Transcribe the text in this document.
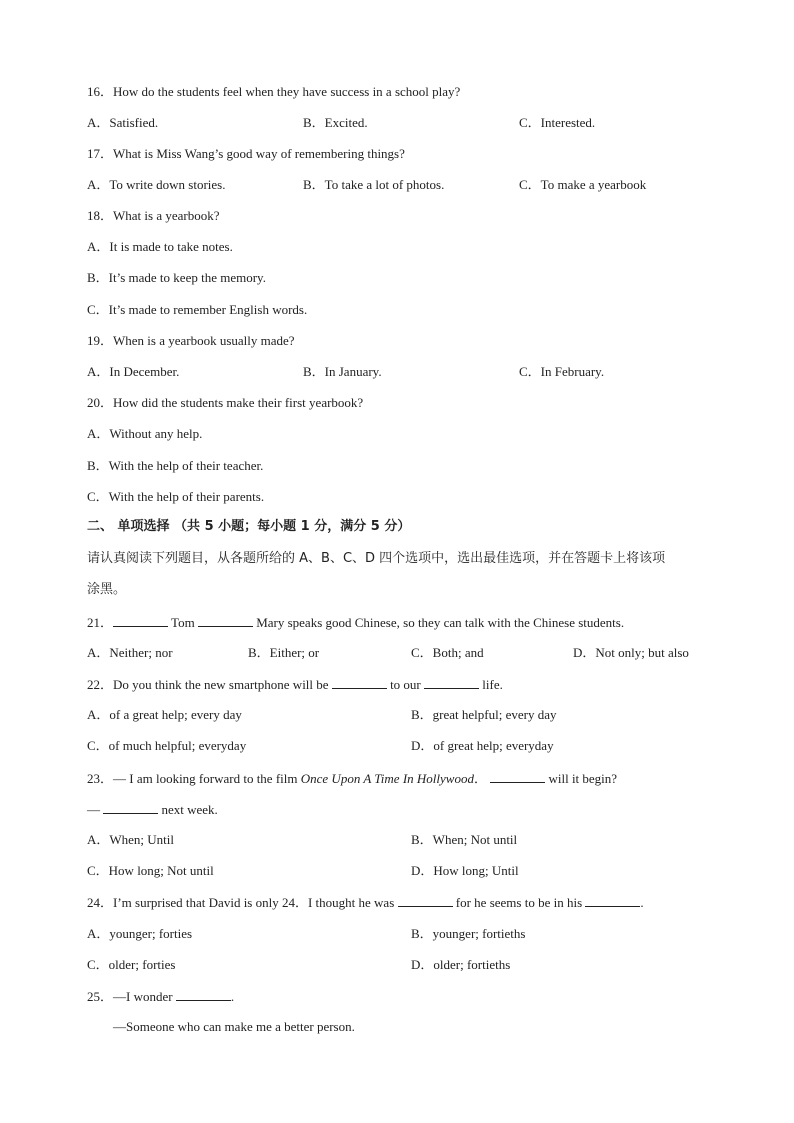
16．How do the students feel when they have success in a school play?
A．Satisfied.	B．Excited.	C．Interested.
17．What is Miss Wang’s good way of remembering things?
A．To write down stories.	B．To take a lot of photos.	C．To make a yearbook
18．What is a yearbook?
A．It is made to take notes.
B．It’s made to keep the memory.
C．It’s made to remember English words.
19．When is a yearbook usually made?
A．In December.	B．In January.	C．In February.
20．How did the students make their first yearbook?
A．Without any help.
B．With the help of their teacher.
C．With the help of their parents.
二、 单项选择 （共 5 小题；每小题 1 分，满分 5 分）
请认真阅读下列题目，从各题所给的 A、B、C、D 四个选项中，选出最佳选项，并在答题卡上将该项
涂黑。
21．	Tom	Mary speaks good Chinese, so they can talk with the Chinese students.
A．Neither; nor	B．Either; or	C．Both; and	D．Not only; but also
22．Do you think the new smartphone will be	to our	life.
A．of a great help; every day	B．great helpful; every day
C．of much helpful; everyday	D．of great help; everyday
23．— I am looking forward to the film Once Upon A Time In Hollywood．	will it begin?
—	next week.
A．When; Until	B．When; Not until
C．How long; Not until	D．How long; Until
24．I’m surprised that David is only 24．I thought he was	for he seems to be in his	.
A．younger; forties	B．younger; fortieths
C．older; forties	D．older; fortieths
25．—I wonder	.
—Someone who can make me a better person.
